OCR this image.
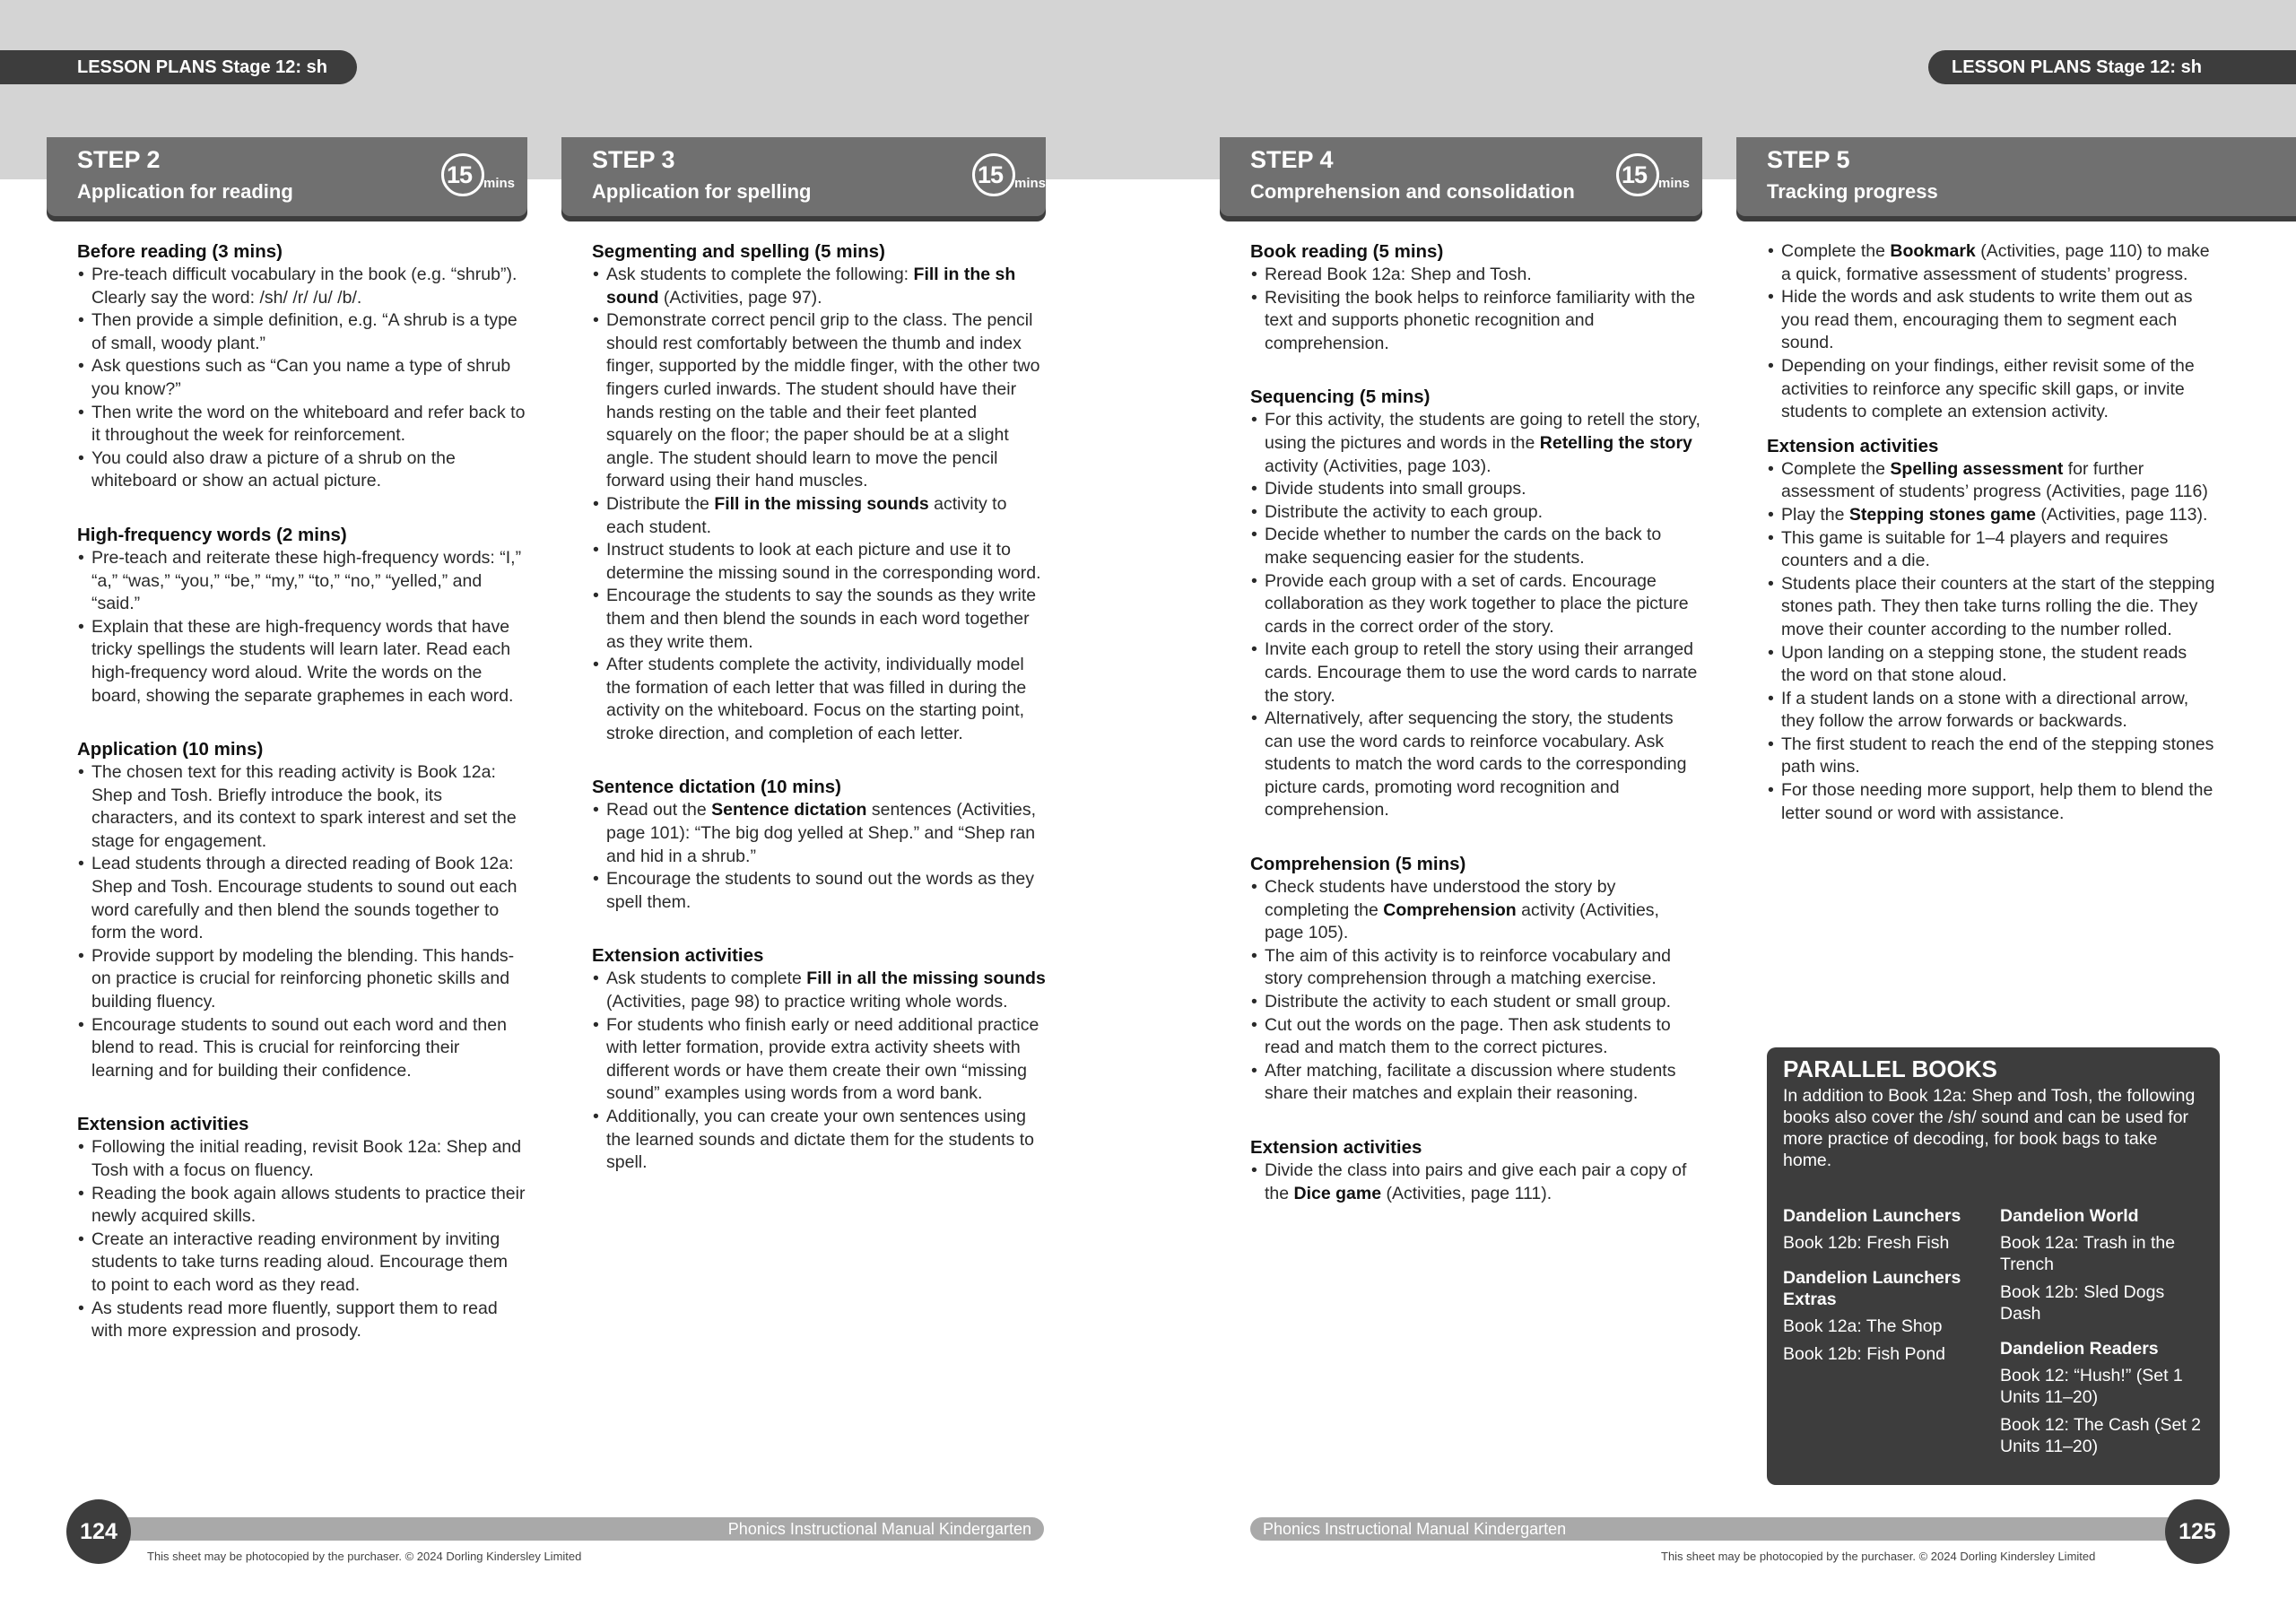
LESSON PLANS Stage 12: sh	LESSON PLANS Stage 12: sh
STEP 2
Application for reading
15 mins
STEP 3
Application for spelling
15 mins
STEP 4
Comprehension and consolidation
15 mins
STEP 5
Tracking progress
Before reading (3 mins)
• Pre-teach difficult vocabulary in the book (e.g. “shrub”). Clearly say the word: /sh/ /r/ /u/ /b/.
• Then provide a simple definition, e.g. “A shrub is a type of small, woody plant.”
• Ask questions such as “Can you name a type of shrub you know?”
• Then write the word on the whiteboard and refer back to it throughout the week for reinforcement.
• You could also draw a picture of a shrub on the whiteboard or show an actual picture.
High-frequency words (2 mins)
• Pre-teach and reiterate these high-frequency words: “I,” “a,” “was,” “you,” “be,” “my,” “to,” “no,” “yelled,” and “said.”
• Explain that these are high-frequency words that have tricky spellings the students will learn later. Read each high-frequency word aloud. Write the words on the board, showing the separate graphemes in each word.
Application (10 mins)
• The chosen text for this reading activity is Book 12a: Shep and Tosh. Briefly introduce the book, its characters, and its context to spark interest and set the stage for engagement.
• Lead students through a directed reading of Book 12a: Shep and Tosh. Encourage students to sound out each word carefully and then blend the sounds together to form the word.
• Provide support by modeling the blending. This hands-on practice is crucial for reinforcing phonetic skills and building fluency.
• Encourage students to sound out each word and then blend to read. This is crucial for reinforcing their learning and for building their confidence.
Extension activities
• Following the initial reading, revisit Book 12a: Shep and Tosh with a focus on fluency.
• Reading the book again allows students to practice their newly acquired skills.
• Create an interactive reading environment by inviting students to take turns reading aloud. Encourage them to point to each word as they read.
• As students read more fluently, support them to read with more expression and prosody.
Segmenting and spelling (5 mins)
• Ask students to complete the following: Fill in the sh sound (Activities, page 97).
• Demonstrate correct pencil grip to the class. The pencil should rest comfortably between the thumb and index finger, supported by the middle finger, with the other two fingers curled inwards. The student should have their hands resting on the table and their feet planted squarely on the floor; the paper should be at a slight angle. The student should learn to move the pencil forward using their hand muscles.
• Distribute the Fill in the missing sounds activity to each student.
• Instruct students to look at each picture and use it to determine the missing sound in the corresponding word.
• Encourage the students to say the sounds as they write them and then blend the sounds in each word together as they write them.
• After students complete the activity, individually model the formation of each letter that was filled in during the activity on the whiteboard. Focus on the starting point, stroke direction, and completion of each letter.
Sentence dictation (10 mins)
• Read out the Sentence dictation sentences (Activities, page 101): “The big dog yelled at Shep.” and “Shep ran and hid in a shrub.”
• Encourage the students to sound out the words as they spell them.
Extension activities
• Ask students to complete Fill in all the missing sounds (Activities, page 98) to practice writing whole words.
• For students who finish early or need additional practice with letter formation, provide extra activity sheets with different words or have them create their own “missing sound” examples using words from a word bank.
• Additionally, you can create your own sentences using the learned sounds and dictate them for the students to spell.
Book reading (5 mins)
• Reread Book 12a: Shep and Tosh.
• Revisiting the book helps to reinforce familiarity with the text and supports phonetic recognition and comprehension.
Sequencing (5 mins)
• For this activity, the students are going to retell the story, using the pictures and words in the Retelling the story activity (Activities, page 103).
• Divide students into small groups.
• Distribute the activity to each group.
• Decide whether to number the cards on the back to make sequencing easier for the students.
• Provide each group with a set of cards. Encourage collaboration as they work together to place the picture cards in the correct order of the story.
• Invite each group to retell the story using their arranged cards. Encourage them to use the word cards to narrate the story.
• Alternatively, after sequencing the story, the students can use the word cards to reinforce vocabulary. Ask students to match the word cards to the corresponding picture cards, promoting word recognition and comprehension.
Comprehension (5 mins)
• Check students have understood the story by completing the Comprehension activity (Activities, page 105).
• The aim of this activity is to reinforce vocabulary and story comprehension through a matching exercise.
• Distribute the activity to each student or small group.
• Cut out the words on the page. Then ask students to read and match them to the correct pictures.
• After matching, facilitate a discussion where students share their matches and explain their reasoning.
Extension activities
• Divide the class into pairs and give each pair a copy of the Dice game (Activities, page 111).
• Complete the Bookmark (Activities, page 110) to make a quick, formative assessment of students’ progress.
• Hide the words and ask students to write them out as you read them, encouraging them to segment each sound.
• Depending on your findings, either revisit some of the activities to reinforce any specific skill gaps, or invite students to complete an extension activity.
Extension activities
• Complete the Spelling assessment for further assessment of students’ progress (Activities, page 116)
• Play the Stepping stones game (Activities, page 113).
• This game is suitable for 1–4 players and requires counters and a die.
• Students place their counters at the start of the stepping stones path. They then take turns rolling the die. They move their counter according to the number rolled.
• Upon landing on a stepping stone, the student reads the word on that stone aloud.
• If a student lands on a stone with a directional arrow, they follow the arrow forwards or backwards.
• The first student to reach the end of the stepping stones path wins.
• For those needing more support, help them to blend the letter sound or word with assistance.
PARALLEL BOOKS
In addition to Book 12a: Shep and Tosh, the following books also cover the /sh/ sound and can be used for more practice of decoding, for book bags to take home.
Dandelion Launchers
Book 12b: Fresh Fish
Dandelion Launchers Extras
Book 12a: The Shop
Book 12b: Fish Pond
Dandelion World
Book 12a: Trash in the Trench
Book 12b: Sled Dogs Dash
Dandelion Readers
Book 12: “Hush!” (Set 1 Units 11–20)
Book 12: The Cash (Set 2 Units 11–20)
Phonics Instructional Manual Kindergarten	Phonics Instructional Manual Kindergarten
124	125
This sheet may be photocopied by the purchaser. © 2024 Dorling Kindersley Limited	This sheet may be photocopied by the purchaser. © 2024 Dorling Kindersley Limited
